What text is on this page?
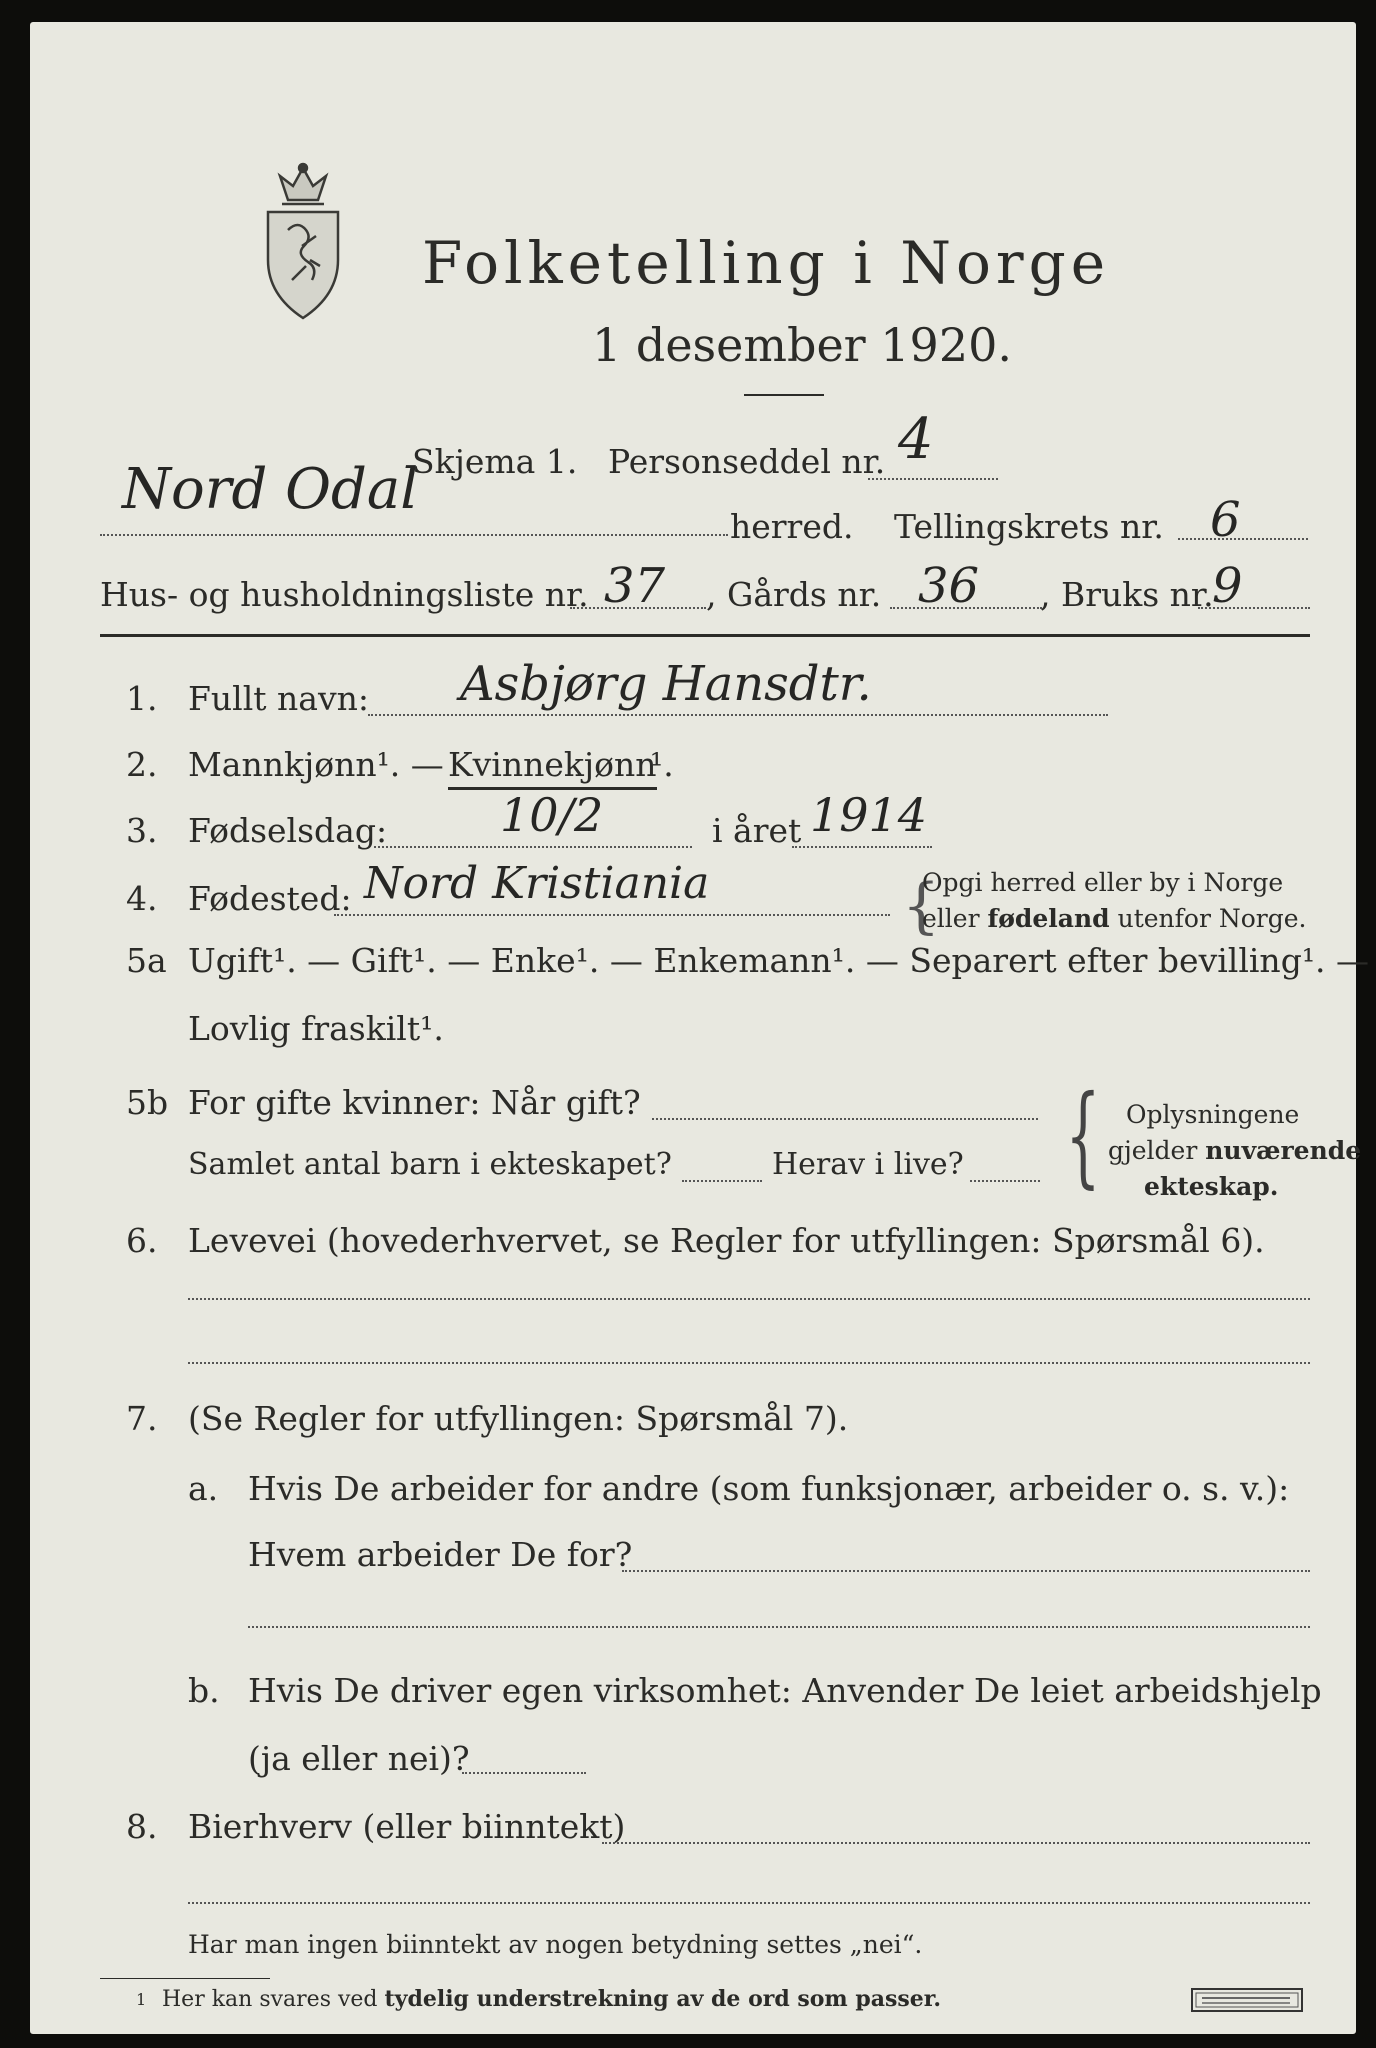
Folketelling i Norge
1 desember 1920.
Skjema 1. Personseddel nr. 4
Nord Odal
herred. Tellingskrets nr. 6
Hus- og husholdningsliste nr. 37 , Gårds nr. 36 , Bruks nr.
9
1. Fullt navn: Asbjørg Hansdtr.
2. Mannkjønn¹. — Kvinnekjønn
¹.
3. Fødselsdag: 10/2	i året 1914
4. Fødested: Nord Kristiania	{
Opgi herred eller by i Norge
eller fødeland utenfor Norge.
5a Ugift¹. — Gift¹. — Enke¹. — Enkemann¹. — Separert efter bevilling¹. —
Lovlig fraskilt¹.
5b For gifte kvinner: Når gift?
Samlet antal barn i ekteskapet?	Herav i live? { Oplysningene
gjelder nuværende
ekteskap.
6. Levevei (hovederhvervet, se Regler for utfyllingen: Spørsmål 6).
7. (Se Regler for utfyllingen: Spørsmål 7).
a. Hvis De arbeider for andre (som funksjonær, arbeider o. s. v.):
Hvem arbeider De for?
b. Hvis De driver egen virksomhet: Anvender De leiet arbeidshjelp
(ja eller nei)?
8. Bierhverv (eller biinntekt)
Har man ingen biinntekt av nogen betydning settes „nei“.
1 Her kan svares ved tydelig understrekning av de ord som passer.
